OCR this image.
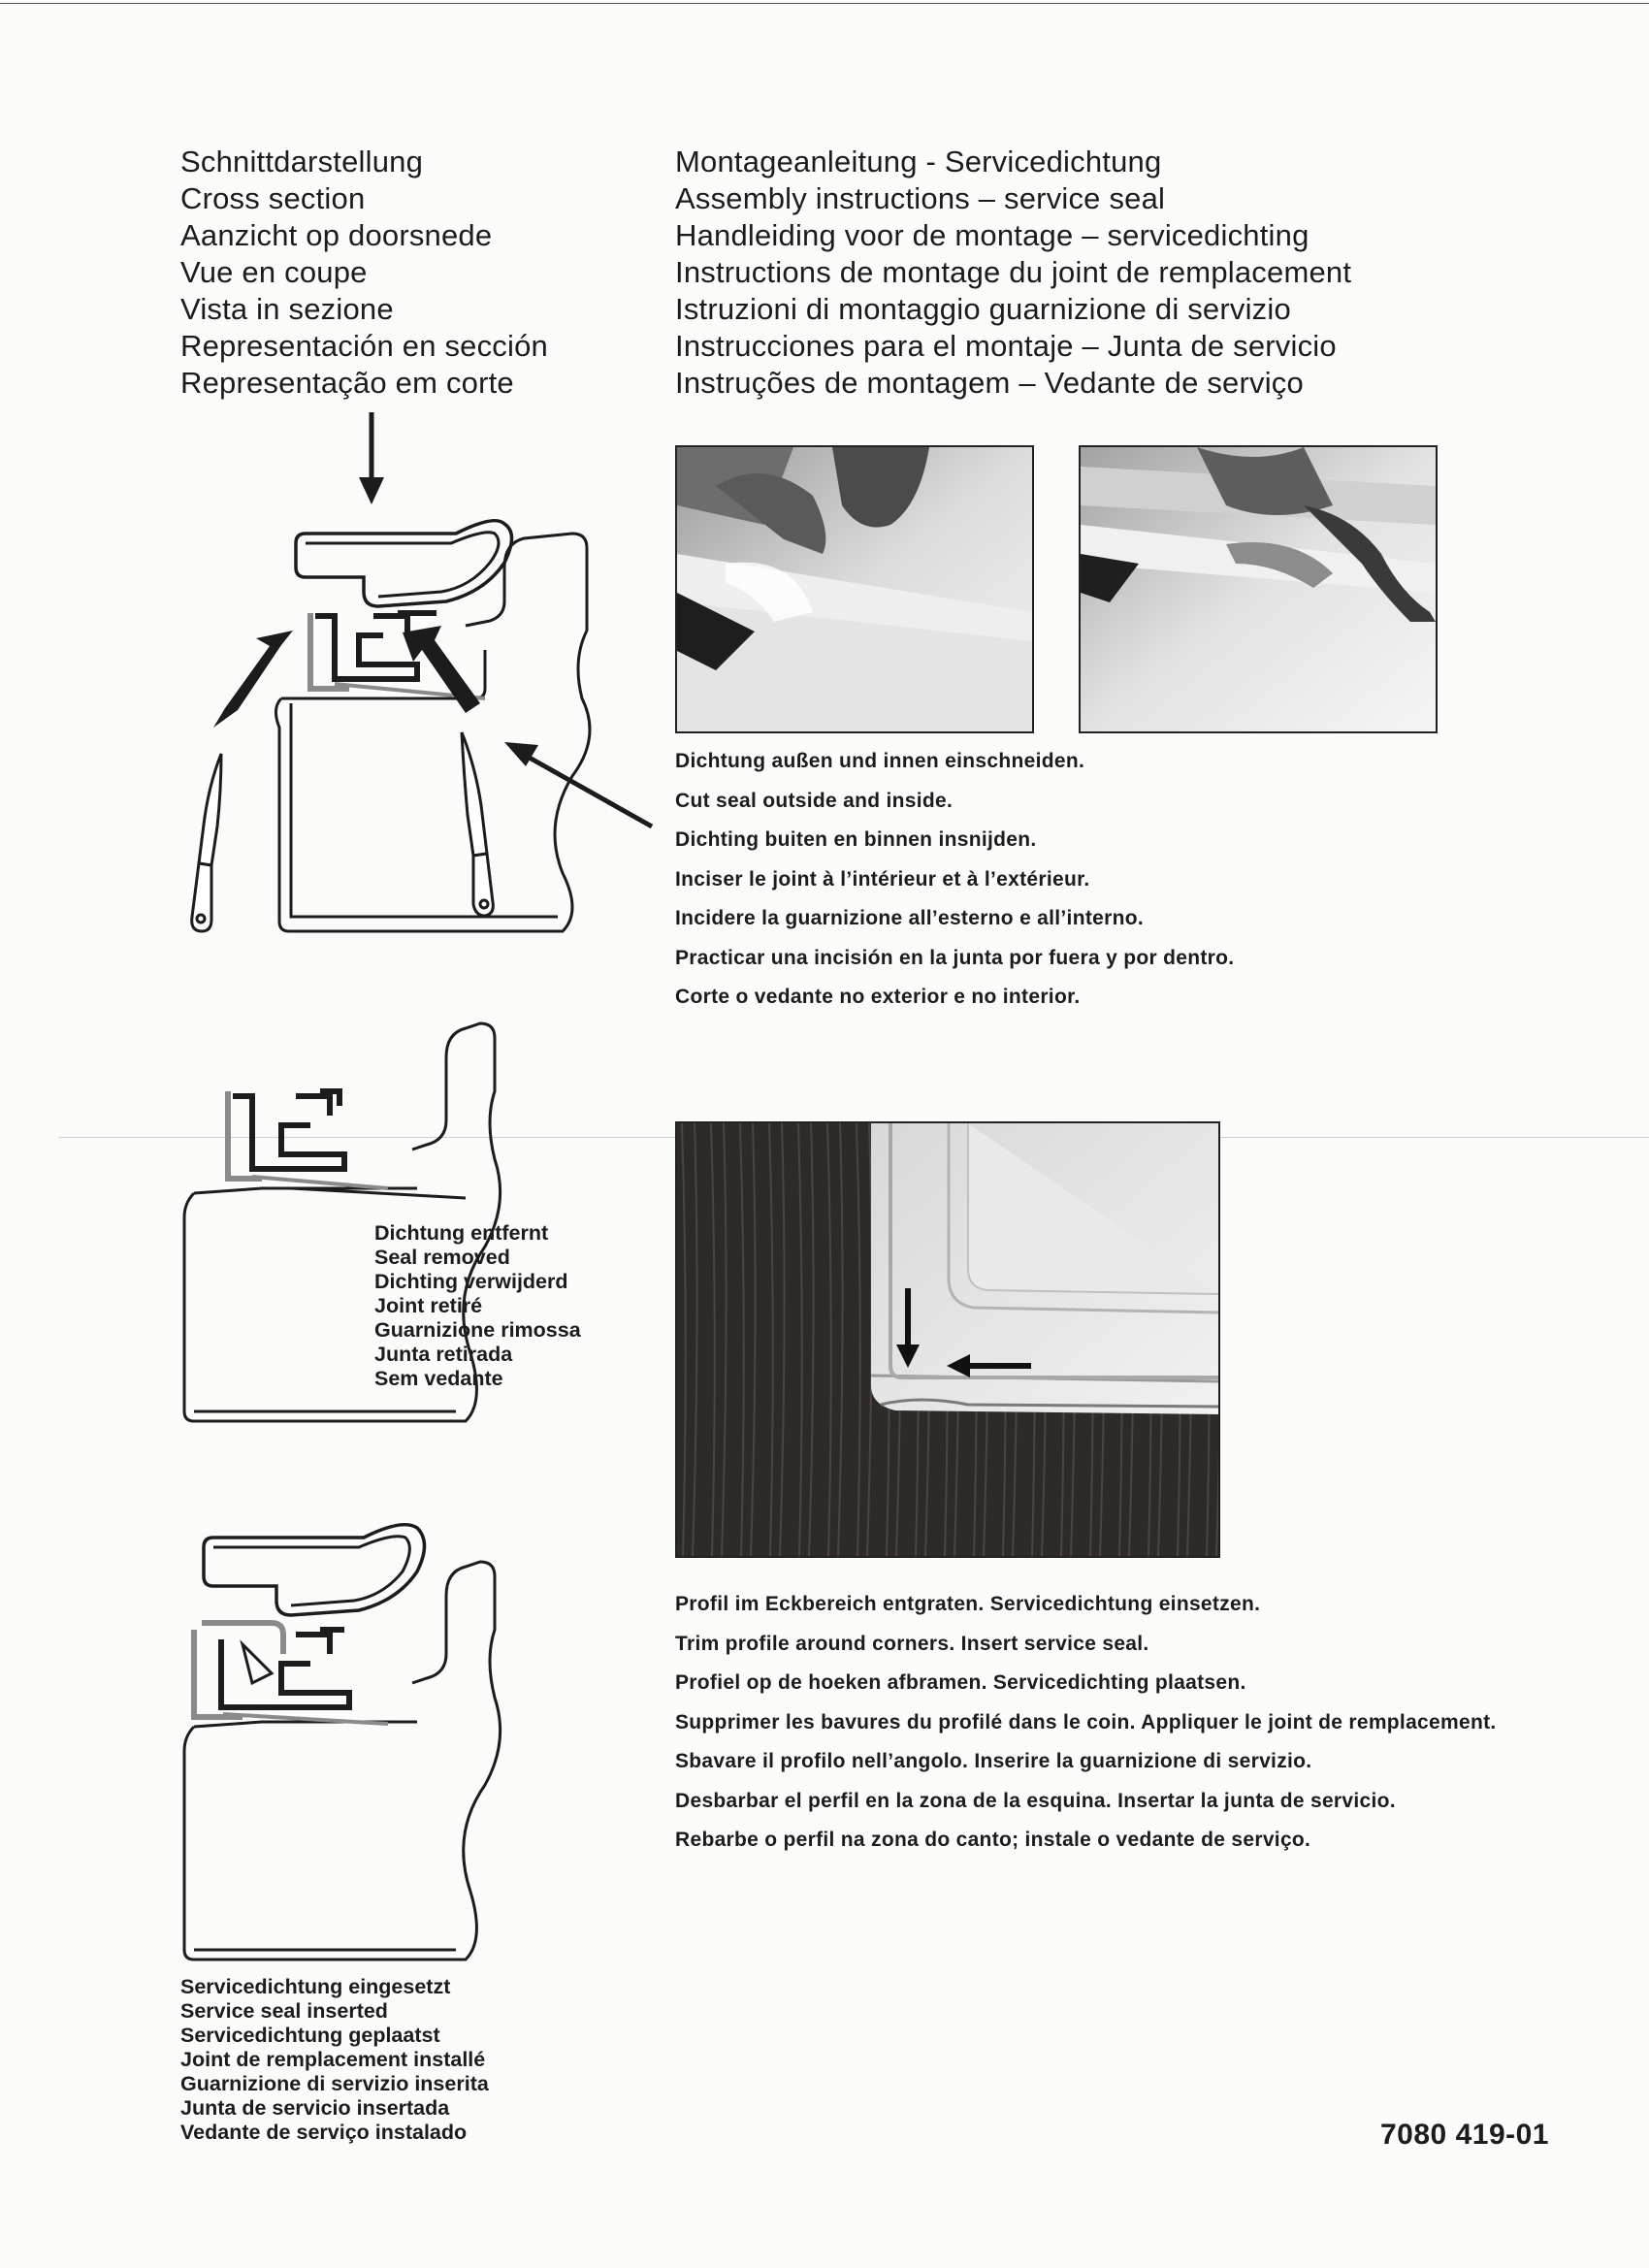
Schnittdarstellung
Cross section
Aanzicht op doorsnede
Vue en coupe
Vista in sezione
Representación en sección
Representação em corte
Montageanleitung - Servicedichtung
Assembly instructions – service seal
Handleiding voor de montage – servicedichting
Instructions de montage du joint de remplacement
Istruzioni di montaggio guarnizione di servizio
Instrucciones para el montaje – Junta de servicio
Instruções de montagem – Vedante de serviço
Dichtung außen und innen einschneiden.
Cut seal outside and inside.
Dichting buiten en binnen insnijden.
Inciser le joint à l’intérieur et à l’extérieur.
Incidere la guarnizione all’esterno e all’interno.
Practicar una incisión en la junta por fuera y por dentro.
Corte o vedante no exterior e no interior.
Dichtung entfernt
Seal removed
Dichting verwijderd
Joint retiré
Guarnizione rimossa
Junta retirada
Sem vedante
Profil im Eckbereich entgraten. Servicedichtung einsetzen.
Trim profile around corners. Insert service seal.
Profiel op de hoeken afbramen. Servicedichting plaatsen.
Supprimer les bavures du profilé dans le coin. Appliquer le joint de remplacement.
Sbavare il profilo nell’angolo. Inserire la guarnizione di servizio.
Desbarbar el perfil en la zona de la esquina. Insertar la junta de servicio.
Rebarbe o perfil na zona do canto; instale o vedante de serviço.
Servicedichtung eingesetzt
Service seal inserted
Servicedichtung geplaatst
Joint de remplacement installé
Guarnizione di servizio inserita
Junta de servicio insertada
Vedante de serviço instalado	7080 419-01
